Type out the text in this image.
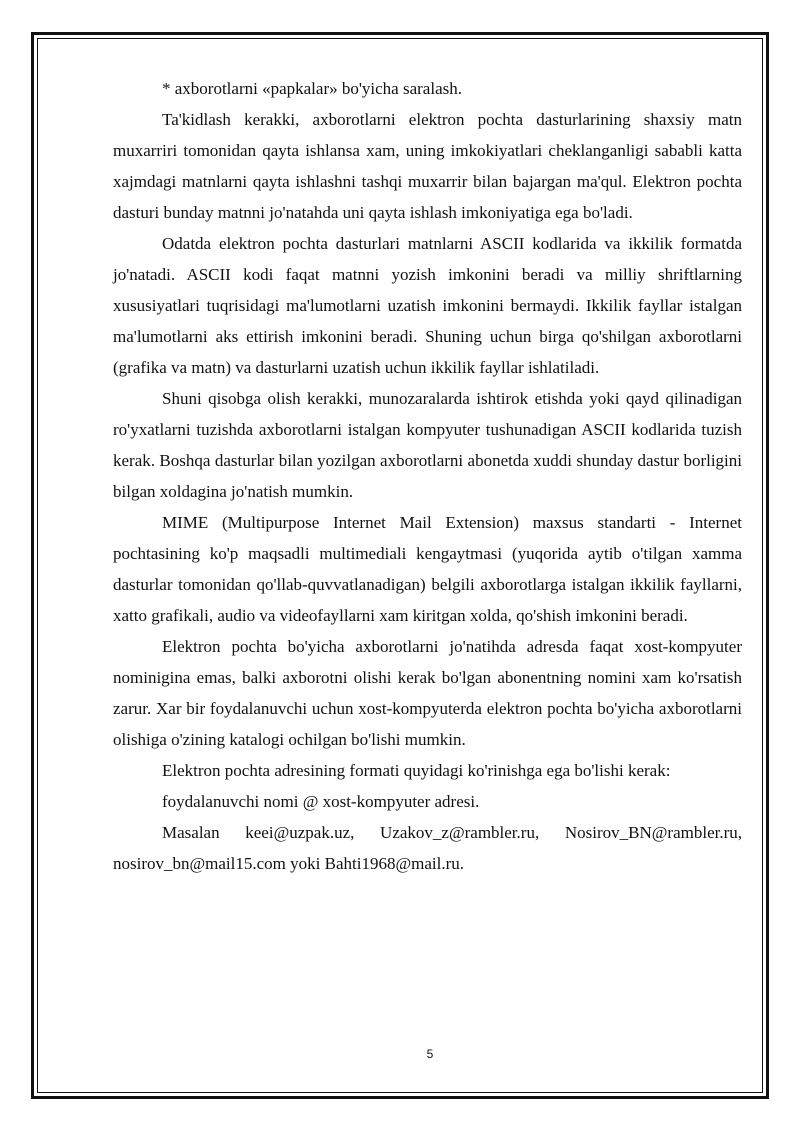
* axborotlarni «papkalar» bo'yicha saralash.

Ta'kidlash kerakki, axborotlarni elektron pochta dasturlarining shaxsiy matn muxarriri tomonidan qayta ishlansa xam, uning imkokiyatlari cheklanganligi sababli katta xajmdagi matnlarni qayta ishlashni tashqi muxarrir bilan bajargan ma'qul. Elektron pochta dasturi bunday matnni jo'natahda uni qayta ishlash imkoniyatiga ega bo'ladi.

Odatda elektron pochta dasturlari matnlarni ASCII kodlarida va ikkilik formatda jo'natadi. ASCII kodi faqat matnni yozish imkonini beradi va milliy shriftlarning xususiyatlari tuqrisidagi ma'lumotlarni uzatish imkonini bermaydi. Ikkilik fayllar istalgan ma'lumotlarni aks ettirish imkonini beradi. Shuning uchun birga qo'shilgan axborotlarni (grafika va matn) va dasturlarni uzatish uchun ikkilik fayllar ishlatiladi.

Shuni qisobga olish kerakki, munozaralarda ishtirok etishda yoki qayd qilinadigan ro'yxatlarni tuzishda axborotlarni istalgan kompyuter tushunadigan ASCII kodlarida tuzish kerak. Boshqa dasturlar bilan yozilgan axborotlarni abonetda xuddi shunday dastur borligini bilgan xoldagina jo'natish mumkin.

MIME (Multipurpose Internet Mail Extension) maxsus standarti - Internet pochtasining ko'p maqsadli multimediali kengaytmasi (yuqorida aytib o'tilgan xamma dasturlar tomonidan qo'llab-quvvatlanadigan) belgili axborotlarga istalgan ikkilik fayllarni, xatto grafikali, audio va videofayllarni xam kiritgan xolda, qo'shish imkonini beradi.

Elektron pochta bo'yicha axborotlarni jo'natihda adresda faqat xost-kompyuter nominigina emas, balki axborotni olishi kerak bo'lgan abonentning nomini xam ko'rsatish zarur. Xar bir foydalanuvchi uchun xost-kompyuterda elektron pochta bo'yicha axborotlarni olishiga o'zining katalogi ochilgan bo'lishi mumkin.

Elektron pochta adresining formati quyidagi ko'rinishga ega bo'lishi kerak:

foydalanuvchi nomi @ xost-kompyuter adresi.

Masalan keei@uzpak.uz, Uzakov_z@rambler.ru, Nosirov_BN@rambler.ru, nosirov_bn@mail15.com yoki Bahti1968@mail.ru.

5
